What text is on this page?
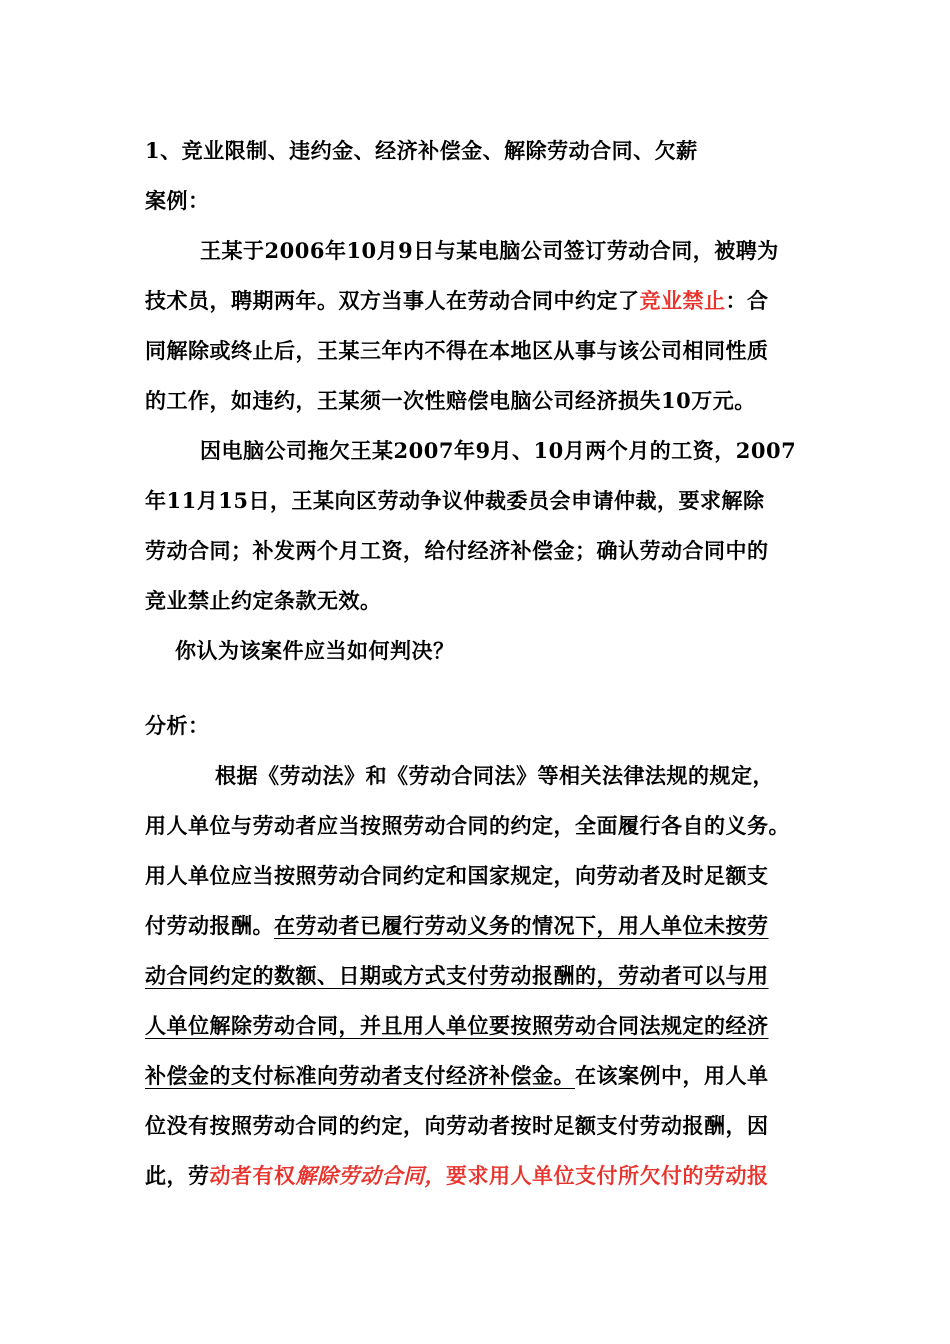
1、竞业限制、违约金、经济补偿金、解除劳动合同、欠薪
案例：
王某于2006年10月9日与某电脑公司签订劳动合同，被聘为
技术员，聘期两年。双方当事人在劳动合同中约定了竞业禁止：合
同解除或终止后，王某三年内不得在本地区从事与该公司相同性质
的工作，如违约，王某须一次性赔偿电脑公司经济损失10万元。
因电脑公司拖欠王某2007年9月、10月两个月的工资，2007
年11月15日，王某向区劳动争议仲裁委员会申请仲裁，要求解除
劳动合同；补发两个月工资，给付经济补偿金；确认劳动合同中的
竞业禁止约定条款无效。
你认为该案件应当如何判决？
分析：
根据《劳动法》和《劳动合同法》等相关法律法规的规定，
用人单位与劳动者应当按照劳动合同的约定，全面履行各自的义务。
用人单位应当按照劳动合同约定和国家规定，向劳动者及时足额支
付劳动报酬。在劳动者已履行劳动义务的情况下，用人单位未按劳
动合同约定的数额、日期或方式支付劳动报酬的，劳动者可以与用
人单位解除劳动合同，并且用人单位要按照劳动合同法规定的经济
补偿金的支付标准向劳动者支付经济补偿金。在该案例中，用人单
位没有按照劳动合同的约定，向劳动者按时足额支付劳动报酬，因
此，劳动者有权解除劳动合同，要求用人单位支付所欠付的劳动报
